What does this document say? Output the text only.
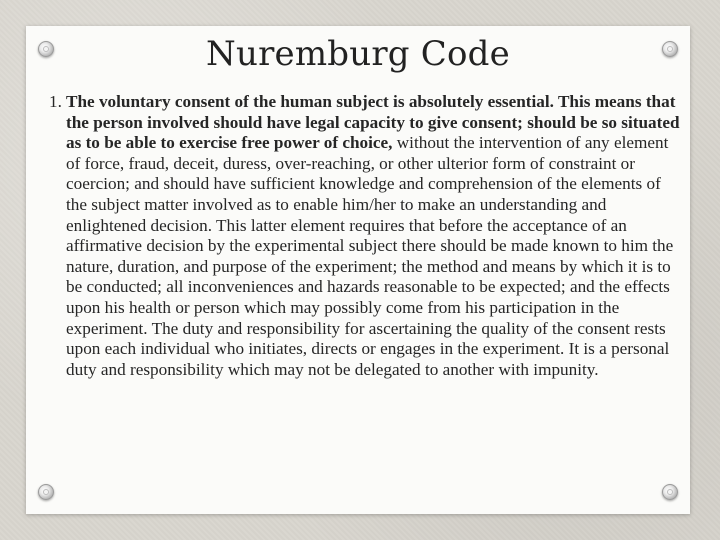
Nuremburg Code
1. The voluntary consent of the human subject is absolutely essential. This means that the person involved should have legal capacity to give consent; should be so situated as to be able to exercise free power of choice, without the intervention of any element of force, fraud, deceit, duress, over-reaching, or other ulterior form of constraint or coercion; and should have sufficient knowledge and comprehension of the elements of the subject matter involved as to enable him/her to make an understanding and enlightened decision. This latter element requires that before the acceptance of an affirmative decision by the experimental subject there should be made known to him the nature, duration, and purpose of the experiment; the method and means by which it is to be conducted; all inconveniences and hazards reasonable to be expected; and the effects upon his health or person which may possibly come from his participation in the experiment. The duty and responsibility for ascertaining the quality of the consent rests upon each individual who initiates, directs or engages in the experiment. It is a personal duty and responsibility which may not be delegated to another with impunity.
